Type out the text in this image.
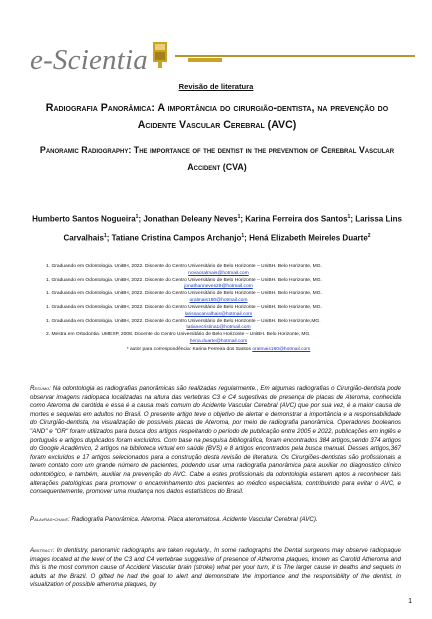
e-Scientia
Revisão de literatura
Radiografia Panorâmica: A importância do cirurgião-dentista, na prevenção do Acidente Vascular Cerebral (AVC)
Panoramic Radiography: The importance of the dentist in the prevention of Cerebral Vascular Accident (CVA)
Humberto Santos Nogueira$^1$; Jonathan Deleany Neves$^1$; Karina Ferreira dos Santos$^1$; Larissa Lins Carvalhais$^1$; Tatiane Cristina Campos Archanjo$^1$; Hená Elizabeth Meireles Duarte$^2$
1. Graduando em Odontologia. UniBH, 2022. Discente do Centro Universitário de Belo Horizonte – UniBH. Belo Horizonte, MG.
novaoralmais@hotmail.com
1. Graduando em Odontologia. UniBH, 2022. Discente do Centro Universitário de Belo Horizonte – UniBH. Belo Horizonte, MG.
jonathanneves29@hotmail.com
1. Graduanda em Odontologia. UniBH, 2022. Discente do Centro Universitário de Belo Horizonte – UniBH. Belo Horizonte, MG.
oralmais180@hotmail.com
1. Graduanda em Odontologia. UniBH, 2022. Discente do Centro Universitário de Belo Horizonte – UniBH. Belo Horizonte, MG.
larissacarvalhais@hotmail.com
1. Graduanda em Odontologia. UniBH, 2022. Discente do Centro Universitário de Belo Horizonte – UniBH. Belo Horizonte,MG.
tatianecristina1@hotmail.com
2. Mestra em Ortodontia. UMESP, 2008. Docente do Centro Universitário de Belo Horizonte – UniBH. Belo Horizonte, MG.
hena.duarte@hotmail.com
* autor para correspondência: Karina Ferreira dos Santos oralmais180@hotmail.com
Resumo: Na odontologia as radiografias panorâmicas são realizadas regularmente., Em algumas radiografias o Cirurgião-dentista pode observar imagens radiopaca localizadas na altura das vertebras C3 e C4 sugestivas de presença de placas de Ateroma, conhecida como Ateroma de carótida e essa é a causa mais comum do Acidente Vascular Cerebral (AVC) que por sua vez, é a maior causa de mortes e sequelas em adultos no Brasil. O presente artigo teve o objetivo de alertar e demonstrar a importância e a responsabilidade do Cirurgião-dentista, na visualização de possíveis placas de Ateroma, por meio de radiografia panorâmica. Operadores booleanos "AND" e "OR" foram utilizados para busca dos artigos respeitando o período de publicação entre 2005 e 2022, publicações em inglês e português e artigos duplicados foram excluídos. Com base na pesquisa bibliográfica, foram encontrados 384 artigos,sendo 374 artigos do Google Acadêmico, 2 artigos na biblioteca virtual em saúde (BVS) e 8 artigos encontrados pela busca manual. Desses artigos,367 foram excluídos e 17 artigos selecionados para a construção desta revisão de literatura. Os Cirurgiões-dentistas são profissionais a terem contato com um grande número de pacientes, podendo usar uma radiografia panorâmica para auxiliar no diagnostico clínico odontológico, e também, auxiliar na prevenção do AVC. Cabe a estes profissionais da odontologia estarem aptos a reconhecer tais alterações patológicas para promover o encaminhamento dos pacientes ao médico especialista, contribuindo para evitar o AVC, e consequentemente, promover uma mudança nos dados estatísticos do Brasil.
Palavras-chave: Radiografia Panorâmica. Ateroma. Placa ateromatosa. Acidente Vascular Cerebral (AVC).
Abstract: In dentistry, panoramic radiographs are taken regularly., In some radiographs the Dental surgeons may observe radiopaque images located at the level of the C3 and C4 vertebrae suggestive of presence of Atheroma plaques, known as Carotid Atheroma and this is the most common cause of Accident Vascular brain (stroke) what per your turn, it is The larger cause in deaths and sequels in adults at the Brazil. O gifted he had the goal to alert and demonstrate the importance and the responsibility of the dentist, in visualization of possible atheroma plaques, by
1
